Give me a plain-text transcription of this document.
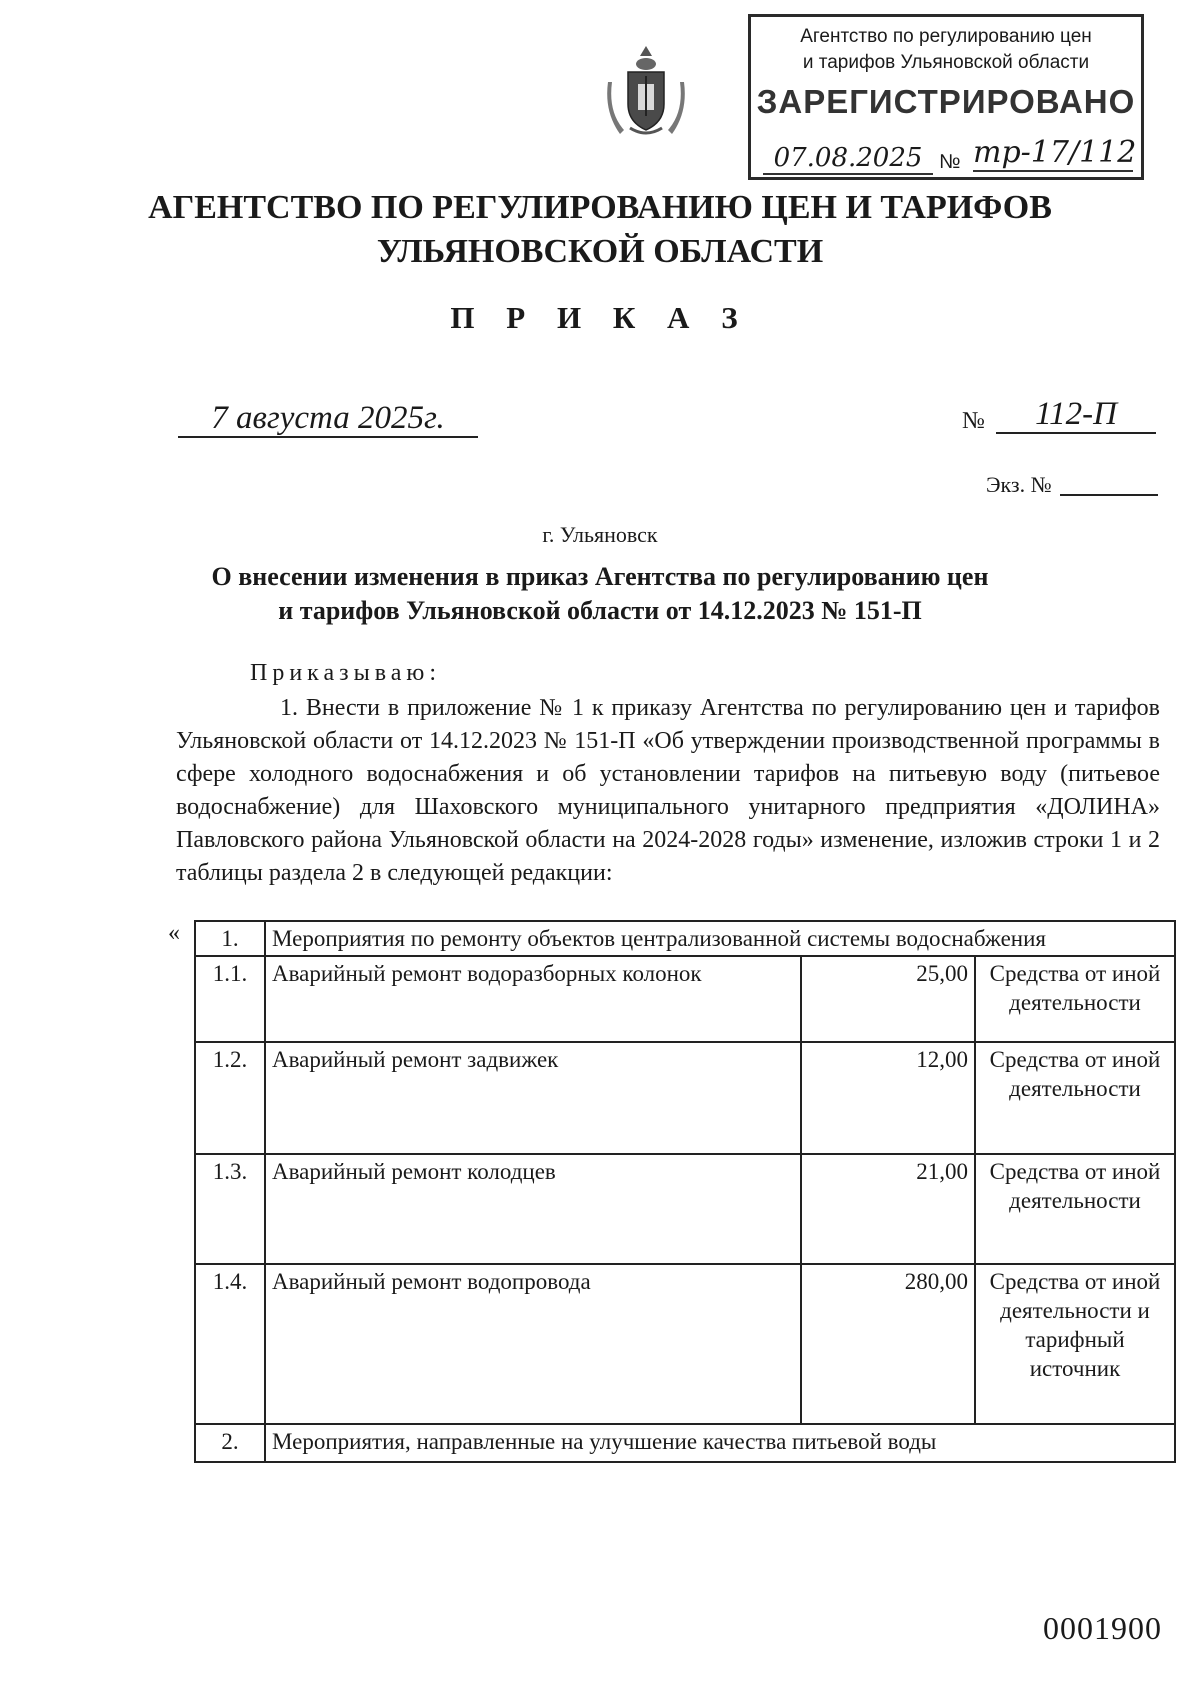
Агентство по регулированию цен
и тарифов Ульяновской области
ЗАРЕГИСТРИРОВАНО
07.08.2025 № тр-17/112
АГЕНТСТВО ПО РЕГУЛИРОВАНИЮ ЦЕН И ТАРИФОВ
УЛЬЯНОВСКОЙ ОБЛАСТИ
П Р И К А З
7 августа 2025г.	№	112-П
Экз. №
г. Ульяновск
О внесении изменения в приказ Агентства по регулированию цен
и тарифов Ульяновской области от 14.12.2023 № 151-П
Приказываю:

1. Внести в приложение № 1 к приказу Агентства по регулированию цен и тарифов Ульяновской области от 14.12.2023 № 151-П «Об утверждении производственной программы в сфере холодного водоснабжения и об установлении тарифов на питьевую воду (питьевое водоснабжение) для Шаховского муниципального унитарного предприятия «ДОЛИНА» Павловского района Ульяновской области на 2024-2028 годы» изменение, изложив строки 1 и 2 таблицы раздела 2 в следующей редакции:

« 1.	Мероприятия по ремонту объектов централизованной системы водоснабжения		
1.1.	Аварийный ремонт водоразборных колонок	25,00	Средства от иной деятельности
1.2.	Аварийный ремонт задвижек	12,00	Средства от иной деятельности
1.3.	Аварийный ремонт колодцев	21,00	Средства от иной деятельности
1.4.	Аварийный ремонт водопровода	280,00	Средства от иной деятельности и тарифный источник
2.	Мероприятия, направленные на улучшение качества питьевой воды		
0001900
